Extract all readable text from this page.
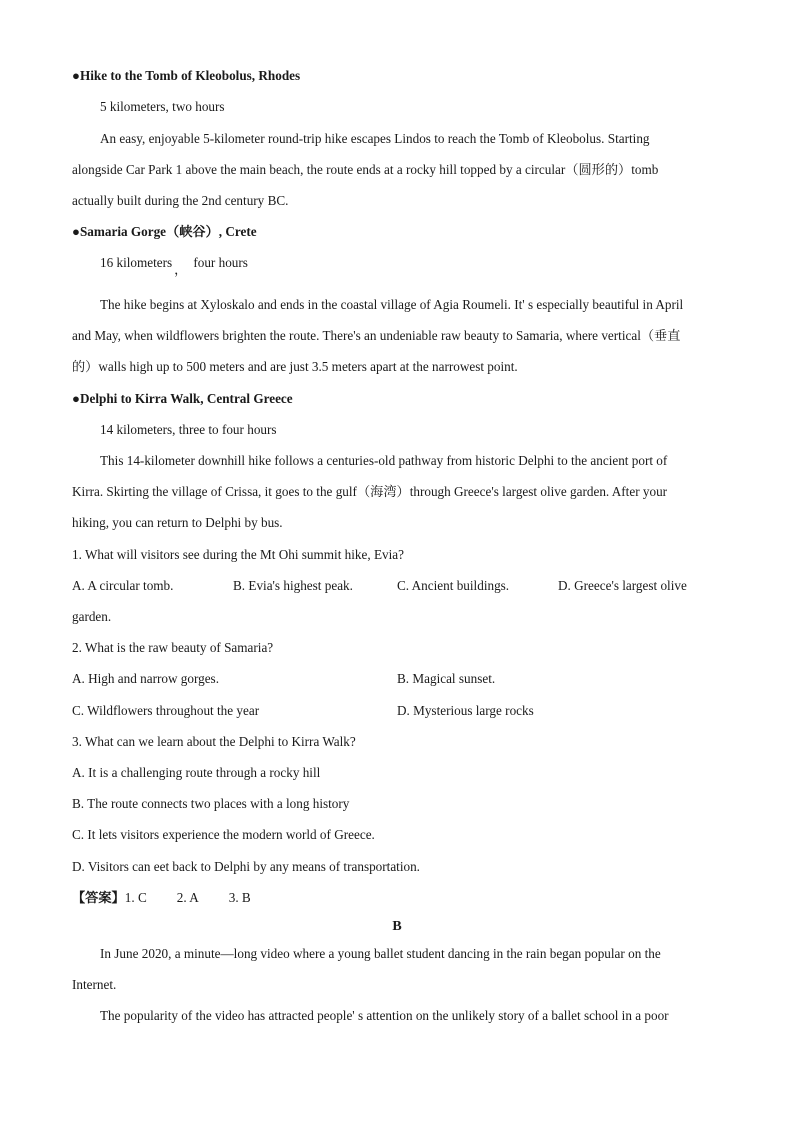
●Hike to the Tomb of Kleobolus, Rhodes
5 kilometers, two hours
An easy, enjoyable 5-kilometer round-trip hike escapes Lindos to reach the Tomb of Kleobolus. Starting
alongside Car Park 1 above the main beach, the route ends at a rocky hill topped by a circular（圆形的）tomb
actually built during the 2nd century BC.
●Samaria Gorge（峡谷）, Crete
16 kilometers ， four hours
The hike begins at Xyloskalo and ends in the coastal village of Agia Roumeli. It' s especially beautiful in April
and May, when wildflowers brighten the route. There's an undeniable raw beauty to Samaria, where vertical（垂直
的）walls high up to 500 meters and are just 3.5 meters apart at the narrowest point.
●Delphi to Kirra Walk, Central Greece
14 kilometers, three to four hours
This 14-kilometer downhill hike follows a centuries-old pathway from historic Delphi to the ancient port of
Kirra. Skirting the village of Crissa, it goes to the gulf（海湾）through Greece's largest olive garden. After your
hiking, you can return to Delphi by bus.
1. What will visitors see during the Mt Ohi summit hike, Evia?
A. A circular tomb.	B. Evia's highest peak.	C. Ancient buildings.	D. Greece's largest olive
garden.
2. What is the raw beauty of Samaria?
A. High and narrow gorges.	B. Magical sunset.
C. Wildflowers throughout the year	D. Mysterious large rocks
3. What can we learn about the Delphi to Kirra Walk?
A. It is a challenging route through a rocky hill
B. The route connects two places with a long history
C. It lets visitors experience the modern world of Greece.
D. Visitors can eet back to Delphi by any means of transportation.
【答案】1. C 2. A 3. B
B
In June 2020, a minute—long video where a young ballet student dancing in the rain began popular on the
Internet.
The popularity of the video has attracted people' s attention on the unlikely story of a ballet school in a poor
